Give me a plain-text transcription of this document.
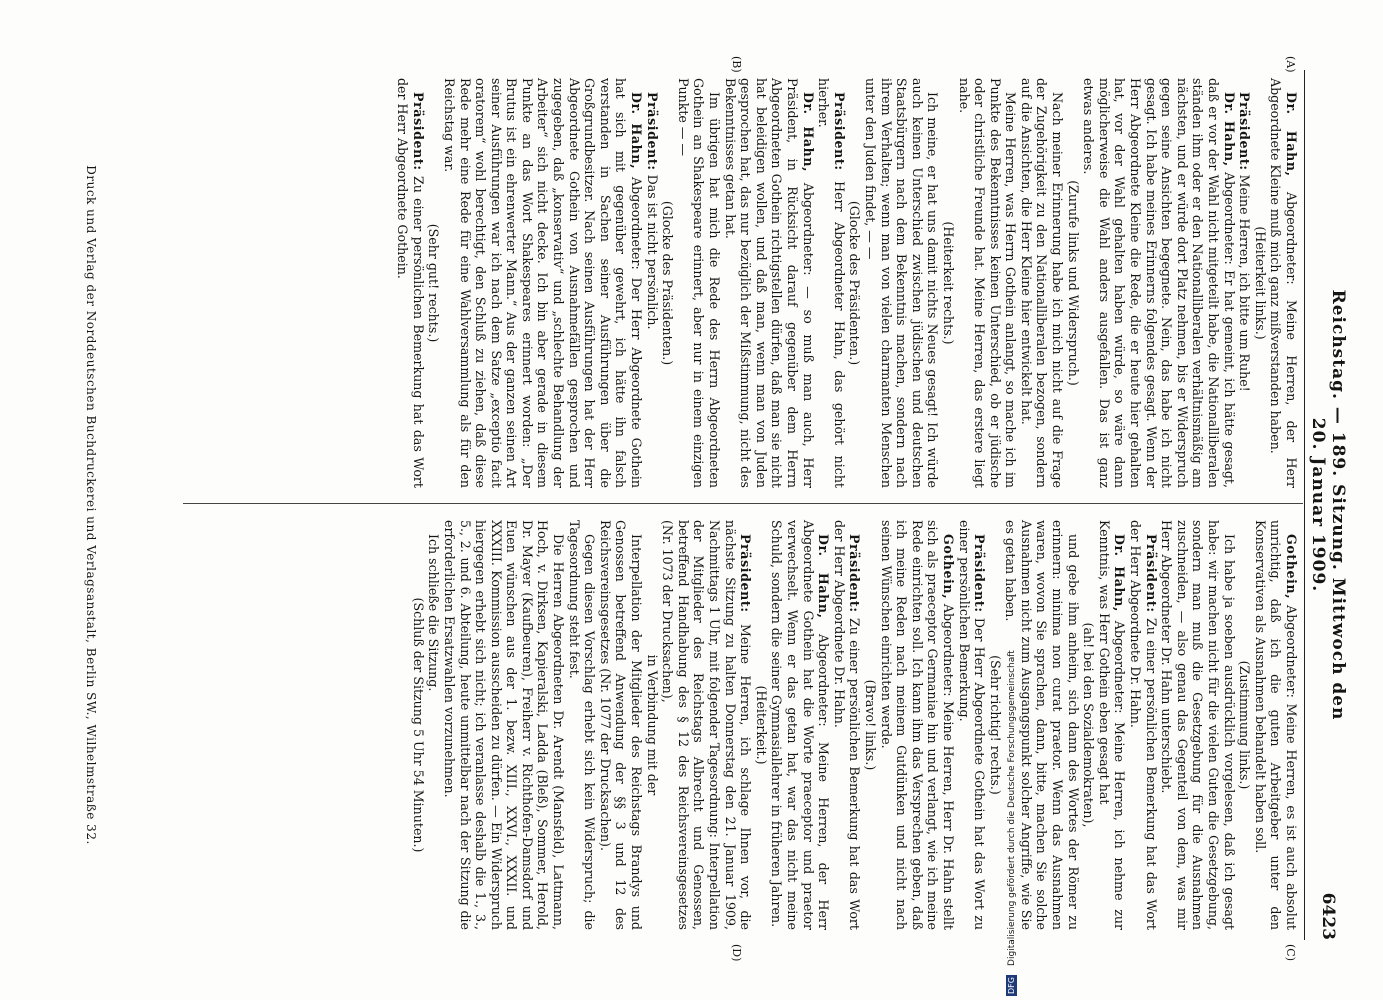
Reichstag. — 189. Sitzung. Mittwoch den 20. Januar 1909.
6423
(A)
(B)
(C)
(D)

Dr. Hahn, Abgeordneter: Meine Herren, der Herr Abgeordnete Kleine muß mich ganz mißverstanden haben.

(Heiterkeit links.)

Präsident: Meine Herren, ich bitte um Ruhe!

Dr. Hahn, Abgeordneter: Er hat gemeint, ich hätte gesagt, daß er vor der Wahl nicht mitgeteilt habe, die Nationalliberalen ständen ihm oder er den Nationalliberalen verhältnismäßig am nächsten, und er würde dort Platz nehmen, bis er Widerspruch gegen seine Ansichten begegnete. Nein, das habe ich nicht gesagt. Ich habe meines Erinnerns folgendes gesagt. Wenn der Herr Abgeordnete Kleine die Rede, die er heute hier gehalten hat, vor der Wahl gehalten haben würde, so wäre dann möglicherweise die Wahl anders ausgefallen. Das ist ganz etwas anderes.

(Zurufe links und Widerspruch.)

Nach meiner Erinnerung habe ich mich nicht auf die Frage der Zugehörigkeit zu den Nationalliberalen bezogen, sondern auf die Ansichten, die Herr Kleine hier entwickelt hat.

Meine Herren, was Herrn Gothein anlangt, so mache ich im Punkte des Bekenntnisses keinen Unterschied, ob er jüdische oder christliche Freunde hat. Meine Herren, das erstere liegt nahe.

(Heiterkeit rechts.)

Ich meine, er hat uns damit nichts Neues gesagt! Ich würde auch keinen Unterschied zwischen jüdischen und deutschen Staatsbürgern nach dem Bekenntnis machen, sondern nach ihrem Verhalten; wenn man von vielen charmanten Menschen unter den Juden findet, — —

(Glocke des Präsidenten.)

Präsident: Herr Abgeordneter Hahn, das gehört nicht hierher.

Dr. Hahn, Abgeordneter: — so muß man auch, Herr Präsident, in Rücksicht darauf gegenüber dem Herrn Abgeordneten Gothein richtigstellen dürfen, daß man sie nicht hat beleidigen wollen, und daß man, wenn man von Juden gesprochen hat, das nur bezüglich der Mißstimmung, nicht des Bekenntnisses getan hat.

Im übrigen hat mich die Rede des Herrn Abgeordneten Gothein an Shakespeare erinnert, aber nur in einem einzigen Punkte — —

(Glocke des Präsidenten.)

Präsident: Das ist nicht persönlich.

Dr. Hahn, Abgeordneter: Der Herr Abgeordnete Gothein hat sich mit gegenüber gewehrt, ich hätte ihn falsch verstanden in Sachen seiner Ausführungen über die Großgrundbesitzer. Nach seinen Ausführungen hat der Herr Abgeordnete Gothein von Ausnahmefällen gesprochen und zugegeben, daß „konservativ“ und „schlechte Behandlung der Arbeiter“ sich nicht decke. Ich bin aber gerade in diesem Punkte an das Wort Shakespeares erinnert worden: „Der Brutus ist ein ehrenwerter Mann.“ Aus der ganzen seinen Art seiner Ausführungen war ich nach dem Satze „exceptio facit oratorem“ wohl berechtigt, den Schluß zu ziehen, daß diese Rede mehr eine Rede für eine Wahlversammlung als für den Reichstag war.

(Sehr gut! rechts.)

Präsident: Zu einer persönlichen Bemerkung hat das Wort der Herr Abgeordnete Gothein.

Gothein, Abgeordneter: Meine Herren, es ist auch absolut unrichtig, daß ich die guten Arbeitgeber unter den Konservativen als Ausnahmen behandelt haben soll.

(Zustimmung links.)

Ich habe ja soeben ausdrücklich vorgelesen, daß ich gesagt habe: wir machen nicht für die vielen Guten die Gesetzgebung, sondern man muß die Gesetzgebung für die Ausnahmen zuschneiden, — also genau das Gegenteil von dem, was mir Herr Abgeordneter Dr. Hahn unterschiebt.

Präsident: Zu einer persönlichen Bemerkung hat das Wort der Herr Abgeordnete Dr. Hahn.

Dr. Hahn, Abgeordneter: Meine Herren, ich nehme zur Kenntnis, was Herr Gothein eben gesagt hat

(ah! bei den Sozialdemokraten),

und gebe ihm anheim, sich dann des Wortes der Römer zu erinnern: minima non curat praetor. Wenn das Ausnahmen waren, wovon Sie sprachen, dann, bitte, machen Sie solche Ausnahmen nicht zum Ausgangspunkt solcher Angriffe, wie Sie es getan haben.

(Sehr richtig! rechts.)

Präsident: Der Herr Abgeordnete Gothein hat das Wort zu einer persönlichen Bemerkung.

Gothein, Abgeordneter: Meine Herren, Herr Dr. Hahn stellt sich als praeceptor Germaniae hin und verlangt, wie ich meine Rede einrichten soll. Ich kann ihm das Versprechen geben, daß ich meine Reden nach meinem Gutdünken und nicht nach seinen Wünschen einrichten werde.

(Bravo! links.)

Präsident: Zu einer persönlichen Bemerkung hat das Wort der Herr Abgeordnete Dr. Hahn.

Dr. Hahn, Abgeordneter: Meine Herren, der Herr Abgeordnete Gothein hat die Worte praeceptor und praetor verwechselt. Wenn er das getan hat, war das nicht meine Schuld, sondern die seiner Gymnasiallehrer in früheren Jahren.

(Heiterkeit.)

Präsident: Meine Herren, ich schlage Ihnen vor, die nächste Sitzung zu halten Donnerstag den 21. Januar 1909, Nachmittags 1 Uhr, mit folgender Tagesordnung: Interpellation der Mitglieder des Reichstags Albrecht und Genossen, betreffend Handhabung des § 12 des Reichsvereinsgesetzes (Nr. 1073 der Drucksachen),

in Verbindung mit der

Interpellation der Mitglieder des Reichstags Brandys und Genossen betreffend Anwendung der §§ 3 und 12 des Reichsvereinsgesetzes (Nr. 1077 der Drucksachen).

Gegen diesen Vorschlag erhebt sich kein Widerspruch; die Tagesordnung steht fest.

Die Herren Abgeordneten Dr. Arendt (Mansfeld), Lattmann, Hoch, v. Dirksen, Kapieralski, Ladda (Bleß), Sommer, Herold, Dr. Mayer (Kaufbeuren), Freiherr v. Richthofen-Damsdorf und Euen wünschen aus der 1. bezw. XIII., XXVI., XXXII. und XXXIII. Kommission ausscheiden zu dürfen. — Ein Widerspruch hiergegen erhebt sich nicht; ich veranlasse deshalb die 1., 3., 5., 2. und 6. Abteilung, heute unmittelbar nach der Sitzung die erforderlichen Ersatzwahlen vorzunehmen.

Ich schließe die Sitzung.

(Schluß der Sitzung 5 Uhr 54 Minuten.)

Druck und Verlag der Norddeutschen Buchdruckerei und Verlagsanstalt, Berlin SW., Wilhelmstraße 32.
DFG Digitalisierung gefördert durch die Deutsche Forschungsgemeinschaft
